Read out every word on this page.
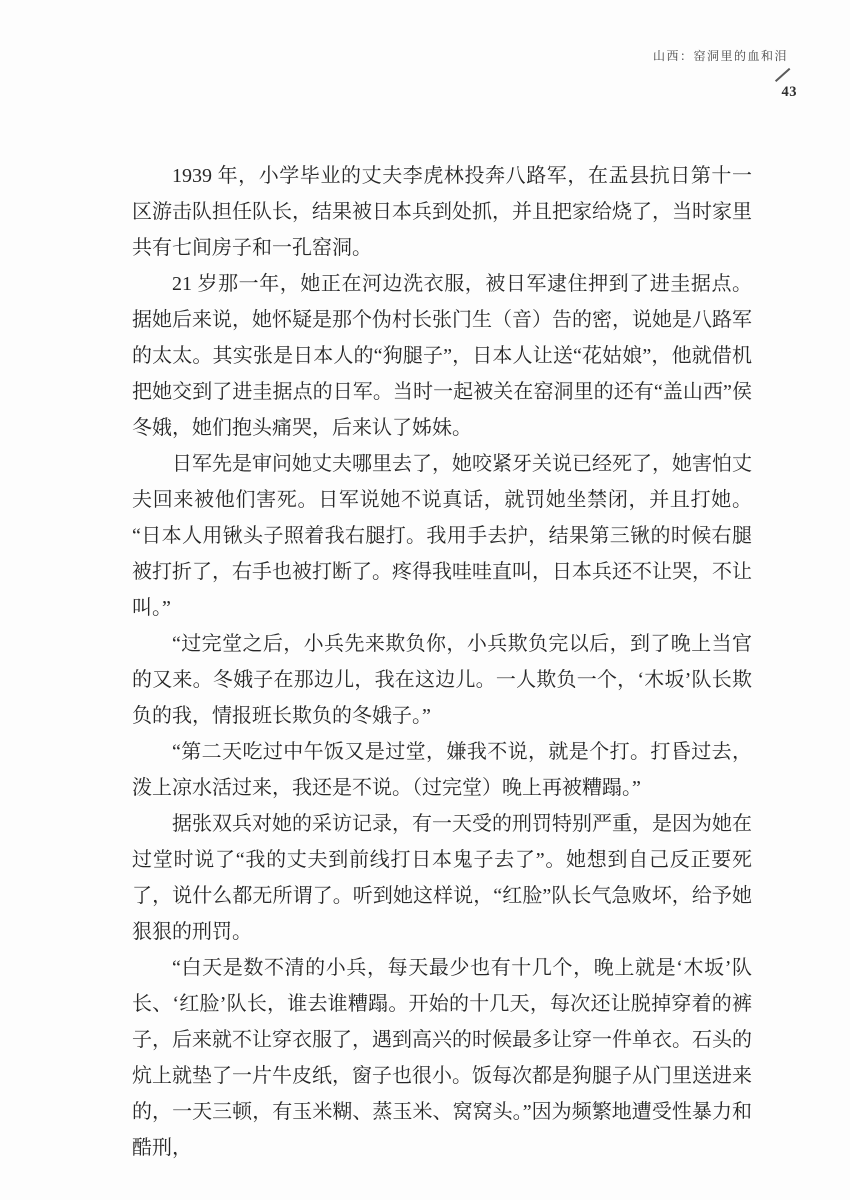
山西：窑洞里的血和泪
43

1939 年，小学毕业的丈夫李虎林投奔八路军，在盂县抗日第十一区游击队担任队长，结果被日本兵到处抓，并且把家给烧了，当时家里共有七间房子和一孔窑洞。

21 岁那一年，她正在河边洗衣服，被日军逮住押到了进圭据点。据她后来说，她怀疑是那个伪村长张门生（音）告的密，说她是八路军的太太。其实张是日本人的“狗腿子”，日本人让送“花姑娘”，他就借机把她交到了进圭据点的日军。当时一起被关在窑洞里的还有“盖山西”侯冬娥，她们抱头痛哭，后来认了姊妹。

日军先是审问她丈夫哪里去了，她咬紧牙关说已经死了，她害怕丈夫回来被他们害死。日军说她不说真话，就罚她坐禁闭，并且打她。“日本人用锹头子照着我右腿打。我用手去护，结果第三锹的时候右腿被打折了，右手也被打断了。疼得我哇哇直叫，日本兵还不让哭，不让叫。”

“过完堂之后，小兵先来欺负你，小兵欺负完以后，到了晚上当官的又来。冬娥子在那边儿，我在这边儿。一人欺负一个，‘木坂’队长欺负的我，情报班长欺负的冬娥子。”

“第二天吃过中午饭又是过堂，嫌我不说，就是个打。打昏过去，泼上凉水活过来，我还是不说。（过完堂）晚上再被糟蹋。”

据张双兵对她的采访记录，有一天受的刑罚特别严重，是因为她在过堂时说了“我的丈夫到前线打日本鬼子去了”。她想到自己反正要死了，说什么都无所谓了。听到她这样说，“红脸”队长气急败坏，给予她狠狠的刑罚。

“白天是数不清的小兵，每天最少也有十几个，晚上就是‘木坂’队长、‘红脸’队长，谁去谁糟蹋。开始的十几天，每次还让脱掉穿着的裤子，后来就不让穿衣服了，遇到高兴的时候最多让穿一件单衣。石头的炕上就垫了一片牛皮纸，窗子也很小。饭每次都是狗腿子从门里送进来的，一天三顿，有玉米糊、蒸玉米、窝窝头。”因为频繁地遭受性暴力和酷刑，
